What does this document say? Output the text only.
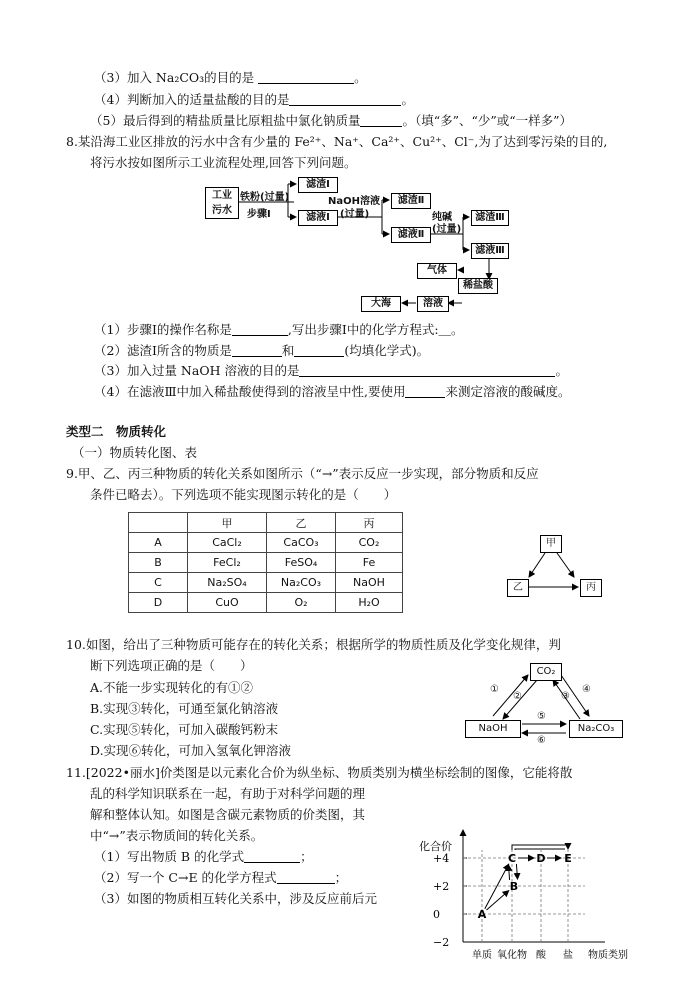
（3）加入 Na₂CO₃的目的是	。
（4）判断加入的适量盐酸的目的是	。
（5）最后得到的精盐质量比原粗盐中氯化钠质量	。（填“多”、“少”或“一样多”）
8.某沿海工业区排放的污水中含有少量的 Fe²⁺、Na⁺、Ca²⁺、Cu²⁺、Cl⁻,为了达到零污染的目的,
将污水按如图所示工业流程处理,回答下列问题。
工业
污水
铁粉(过量)
步骤Ⅰ
滤渣Ⅰ
滤液Ⅰ
NaOH溶液
(过量)
滤渣Ⅱ
滤液Ⅱ
纯碱
(过量)
滤渣Ⅲ
滤液Ⅲ
稀盐酸
气体
溶液
大海
（1）步骤Ⅰ的操作名称是	,写出步骤Ⅰ中的化学方程式:＿。
（2）滤渣Ⅰ所含的物质是	和	(均填化学式)。
（3）加入过量 NaOH 溶液的目的是	。
（4）在滤液Ⅲ中加入稀盐酸使得到的溶液呈中性,要使用	来测定溶液的酸碱度。
类型二　物质转化
（一）物质转化图、表
9.甲、乙、丙三种物质的转化关系如图所示（“→”表示反应一步实现，部分物质和反应
条件已略去）。下列选项不能实现图示转化的是（　　）
	甲	乙	丙
A	CaCl₂	CaCO₃	CO₂
B	FeCl₂	FeSO₄	Fe
C	Na₂SO₄	Na₂CO₃	NaOH
D	CuO	O₂	H₂O
甲
乙	丙
10.如图，给出了三种物质可能存在的转化关系；根据所学的物质性质及化学变化规律，判
断下列选项正确的是（　　）
A.不能一步实现转化的有①②
B.实现③转化，可通至氯化钠溶液
C.实现⑤转化，可加入碳酸钙粉末
D.实现⑥转化，可加入氢氧化钾溶液
CO₂
NaOH	Na₂CO₃
①
②	③
④
⑤
⑥
11.[2022•丽水]价类图是以元素化合价为纵坐标、物质类别为横坐标绘制的图像，它能将散
乱的科学知识联系在一起，有助于对科学问题的理
解和整体认知。如图是含碳元素物质的价类图，其
中“→”表示物质间的转化关系。
（1）写出物质 B 的化学式	；
（2）写一个 C→E 的化学方程式	；
（3）如图的物质相互转化关系中，涉及反应前后元
化合价
+4
+2
0
−2
单质 氧化物 酸 盐 物质类别
A
B
C D E
